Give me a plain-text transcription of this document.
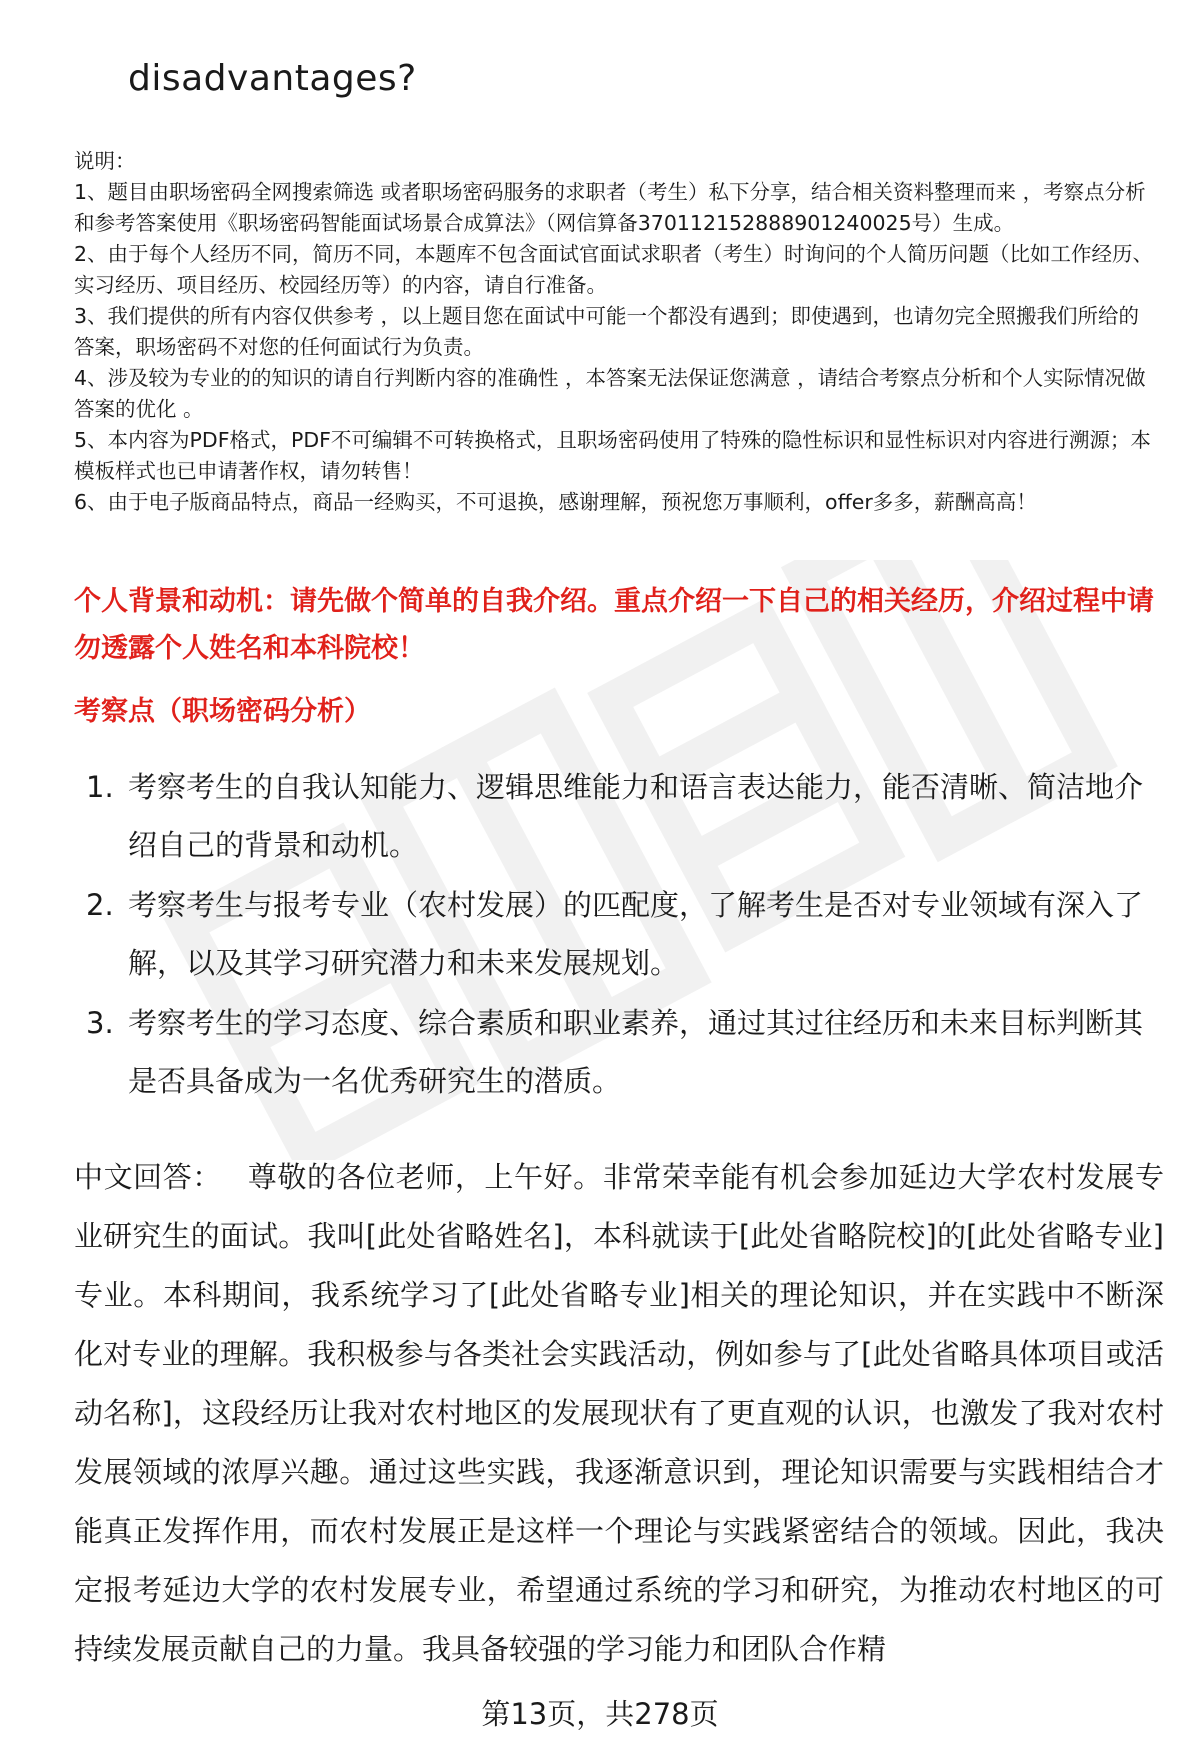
disadvantages?

说明：

1、题目由职场密码全网搜索筛选 或者职场密码服务的求职者（考生）私下分享，结合相关资料整理而来 ，考察点分析和参考答案使用《职场密码智能面试场景合成算法》（网信算备370112152888901240025号）生成。

2、由于每个人经历不同，简历不同，本题库不包含面试官面试求职者（考生）时询问的个人简历问题（比如工作经历、实习经历、项目经历、校园经历等）的内容，请自行准备。

3、我们提供的所有内容仅供参考 ，以上题目您在面试中可能一个都没有遇到；即使遇到，也请勿完全照搬我们所给的答案，职场密码不对您的任何面试行为负责。

4、涉及较为专业的的知识的请自行判断内容的准确性 ，本答案无法保证您满意 ，请结合考察点分析和个人实际情况做答案的优化 。

5、本内容为PDF格式，PDF不可编辑不可转换格式，且职场密码使用了特殊的隐性标识和显性标识对内容进行溯源；本模板样式也已申请著作权，请勿转售！

6、由于电子版商品特点，商品一经购买，不可退换，感谢理解，预祝您万事顺利，offer多多，薪酬高高！

个人背景和动机：请先做个简单的自我介绍。重点介绍一下自己的相关经历，介绍过程中请勿透露个人姓名和本科院校！
考察点（职场密码分析）
1. 考察考生的自我认知能力、逻辑思维能力和语言表达能力，能否清晰、简洁地介绍自己的背景和动机。
2. 考察考生与报考专业（农村发展）的匹配度，了解考生是否对专业领域有深入了解，以及其学习研究潜力和未来发展规划。
3. 考察考生的学习态度、综合素质和职业素养，通过其过往经历和未来目标判断其是否具备成为一名优秀研究生的潜质。
中文回答： 尊敬的各位老师，上午好。非常荣幸能有机会参加延边大学农村发展专业研究生的面试。我叫[此处省略姓名]，本科就读于[此处省略院校]的[此处省略专业]专业。本科期间，我系统学习了[此处省略专业]相关的理论知识，并在实践中不断深化对专业的理解。我积极参与各类社会实践活动，例如参与了[此处省略具体项目或活动名称]，这段经历让我对农村地区的发展现状有了更直观的认识，也激发了我对农村发展领域的浓厚兴趣。通过这些实践，我逐渐意识到，理论知识需要与实践相结合才能真正发挥作用，而农村发展正是这样一个理论与实践紧密结合的领域。因此，我决定报考延边大学的农村发展专业，希望通过系统的学习和研究，为推动农村地区的可持续发展贡献自己的力量。我具备较强的学习能力和团队合作精
第13页，共278页
